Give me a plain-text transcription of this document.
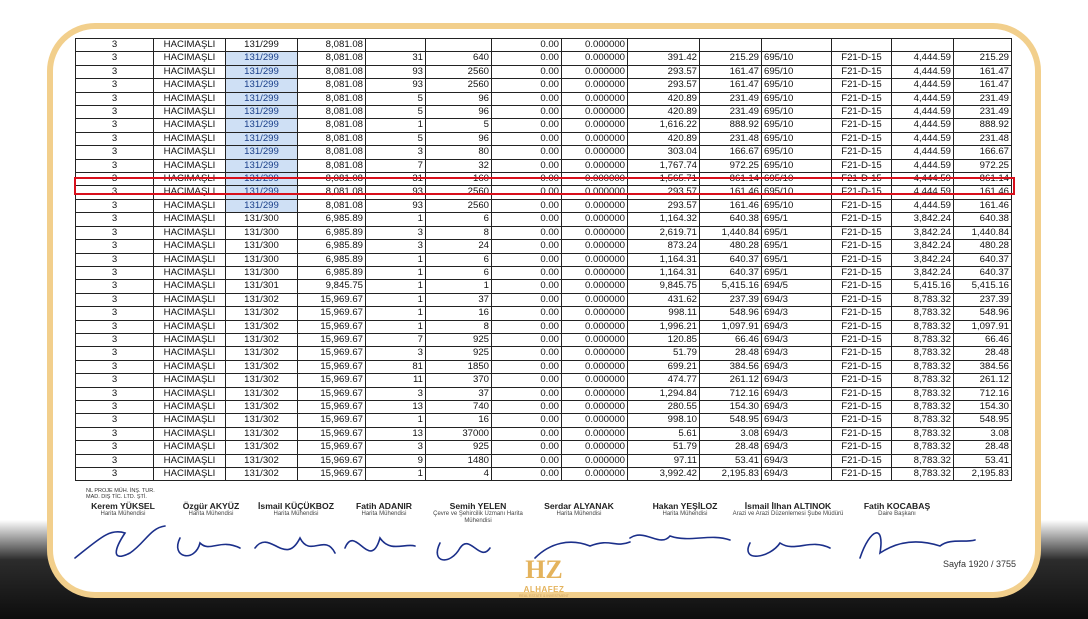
3	HACIMAŞLI	131/299	8,081.08			0.00	0.000000						
3	HACIMAŞLI	131/299	8,081.08	31	640	0.00	0.000000	391.42	215.29	695/10	F21-D-15	4,444.59	215.29
3	HACIMAŞLI	131/299	8,081.08	93	2560	0.00	0.000000	293.57	161.47	695/10	F21-D-15	4,444.59	161.47
3	HACIMAŞLI	131/299	8,081.08	93	2560	0.00	0.000000	293.57	161.47	695/10	F21-D-15	4,444.59	161.47
3	HACIMAŞLI	131/299	8,081.08	5	96	0.00	0.000000	420.89	231.49	695/10	F21-D-15	4,444.59	231.49
3	HACIMAŞLI	131/299	8,081.08	5	96	0.00	0.000000	420.89	231.49	695/10	F21-D-15	4,444.59	231.49
3	HACIMAŞLI	131/299	8,081.08	1	5	0.00	0.000000	1,616.22	888.92	695/10	F21-D-15	4,444.59	888.92
3	HACIMAŞLI	131/299	8,081.08	5	96	0.00	0.000000	420.89	231.48	695/10	F21-D-15	4,444.59	231.48
3	HACIMAŞLI	131/299	8,081.08	3	80	0.00	0.000000	303.04	166.67	695/10	F21-D-15	4,444.59	166.67
3	HACIMAŞLI	131/299	8,081.08	7	32	0.00	0.000000	1,767.74	972.25	695/10	F21-D-15	4,444.59	972.25
3	HACIMAŞLI	131/299	8,081.08	31	160	0.00	0.000000	1,565.71	861.14	695/10	F21-D-15	4,444.59	861.14
3	HACIMAŞLI	131/299	8,081.08	93	2560	0.00	0.000000	293.57	161.46	695/10	F21-D-15	4,444.59	161.46
3	HACIMAŞLI	131/299	8,081.08	93	2560	0.00	0.000000	293.57	161.46	695/10	F21-D-15	4,444.59	161.46
3	HACIMAŞLI	131/300	6,985.89	1	6	0.00	0.000000	1,164.32	640.38	695/1	F21-D-15	3,842.24	640.38
3	HACIMAŞLI	131/300	6,985.89	3	8	0.00	0.000000	2,619.71	1,440.84	695/1	F21-D-15	3,842.24	1,440.84
3	HACIMAŞLI	131/300	6,985.89	3	24	0.00	0.000000	873.24	480.28	695/1	F21-D-15	3,842.24	480.28
3	HACIMAŞLI	131/300	6,985.89	1	6	0.00	0.000000	1,164.31	640.37	695/1	F21-D-15	3,842.24	640.37
3	HACIMAŞLI	131/300	6,985.89	1	6	0.00	0.000000	1,164.31	640.37	695/1	F21-D-15	3,842.24	640.37
3	HACIMAŞLI	131/301	9,845.75	1	1	0.00	0.000000	9,845.75	5,415.16	694/5	F21-D-15	5,415.16	5,415.16
3	HACIMAŞLI	131/302	15,969.67	1	37	0.00	0.000000	431.62	237.39	694/3	F21-D-15	8,783.32	237.39
3	HACIMAŞLI	131/302	15,969.67	1	16	0.00	0.000000	998.11	548.96	694/3	F21-D-15	8,783.32	548.96
3	HACIMAŞLI	131/302	15,969.67	1	8	0.00	0.000000	1,996.21	1,097.91	694/3	F21-D-15	8,783.32	1,097.91
3	HACIMAŞLI	131/302	15,969.67	7	925	0.00	0.000000	120.85	66.46	694/3	F21-D-15	8,783.32	66.46
3	HACIMAŞLI	131/302	15,969.67	3	925	0.00	0.000000	51.79	28.48	694/3	F21-D-15	8,783.32	28.48
3	HACIMAŞLI	131/302	15,969.67	81	1850	0.00	0.000000	699.21	384.56	694/3	F21-D-15	8,783.32	384.56
3	HACIMAŞLI	131/302	15,969.67	11	370	0.00	0.000000	474.77	261.12	694/3	F21-D-15	8,783.32	261.12
3	HACIMAŞLI	131/302	15,969.67	3	37	0.00	0.000000	1,294.84	712.16	694/3	F21-D-15	8,783.32	712.16
3	HACIMAŞLI	131/302	15,969.67	13	740	0.00	0.000000	280.55	154.30	694/3	F21-D-15	8,783.32	154.30
3	HACIMAŞLI	131/302	15,969.67	1	16	0.00	0.000000	998.10	548.95	694/3	F21-D-15	8,783.32	548.95
3	HACIMAŞLI	131/302	15,969.67	13	37000	0.00	0.000000	5.61	3.08	694/3	F21-D-15	8,783.32	3.08
3	HACIMAŞLI	131/302	15,969.67	3	925	0.00	0.000000	51.79	28.48	694/3	F21-D-15	8,783.32	28.48
3	HACIMAŞLI	131/302	15,969.67	9	1480	0.00	0.000000	97.11	53.41	694/3	F21-D-15	8,783.32	53.41
3	HACIMAŞLI	131/302	15,969.67	1	4	0.00	0.000000	3,992.42	2,195.83	694/3	F21-D-15	8,783.32	2,195.83
NL PROJE MÜH. İNŞ. TUR.
MAD. DIŞ TİC. LTD. ŞTİ.
Kerem YÜKSEL
Harita Mühendisi
Özgür AKYÜZ
Harita Mühendisi
İsmail KÜÇÜKBOZ
Harita Mühendisi
Fatih ADANIR
Harita Mühendisi
Semih YELEN
Çevre ve Şehircilik Uzmanı Harita Mühendisi
Serdar ALYANAK
Harita Mühendisi
Hakan YEŞİLOZ
Harita Mühendisi
İsmail İlhan ALTINOK
Arazi ve Arazi Düzenlemesi Şube Müdürü
Fatih KOCABAŞ
Daire Başkanı
Sayfa 1920 / 3755
HZ
ALHAFEZ
REAL ESTATE & INVESTMENT
